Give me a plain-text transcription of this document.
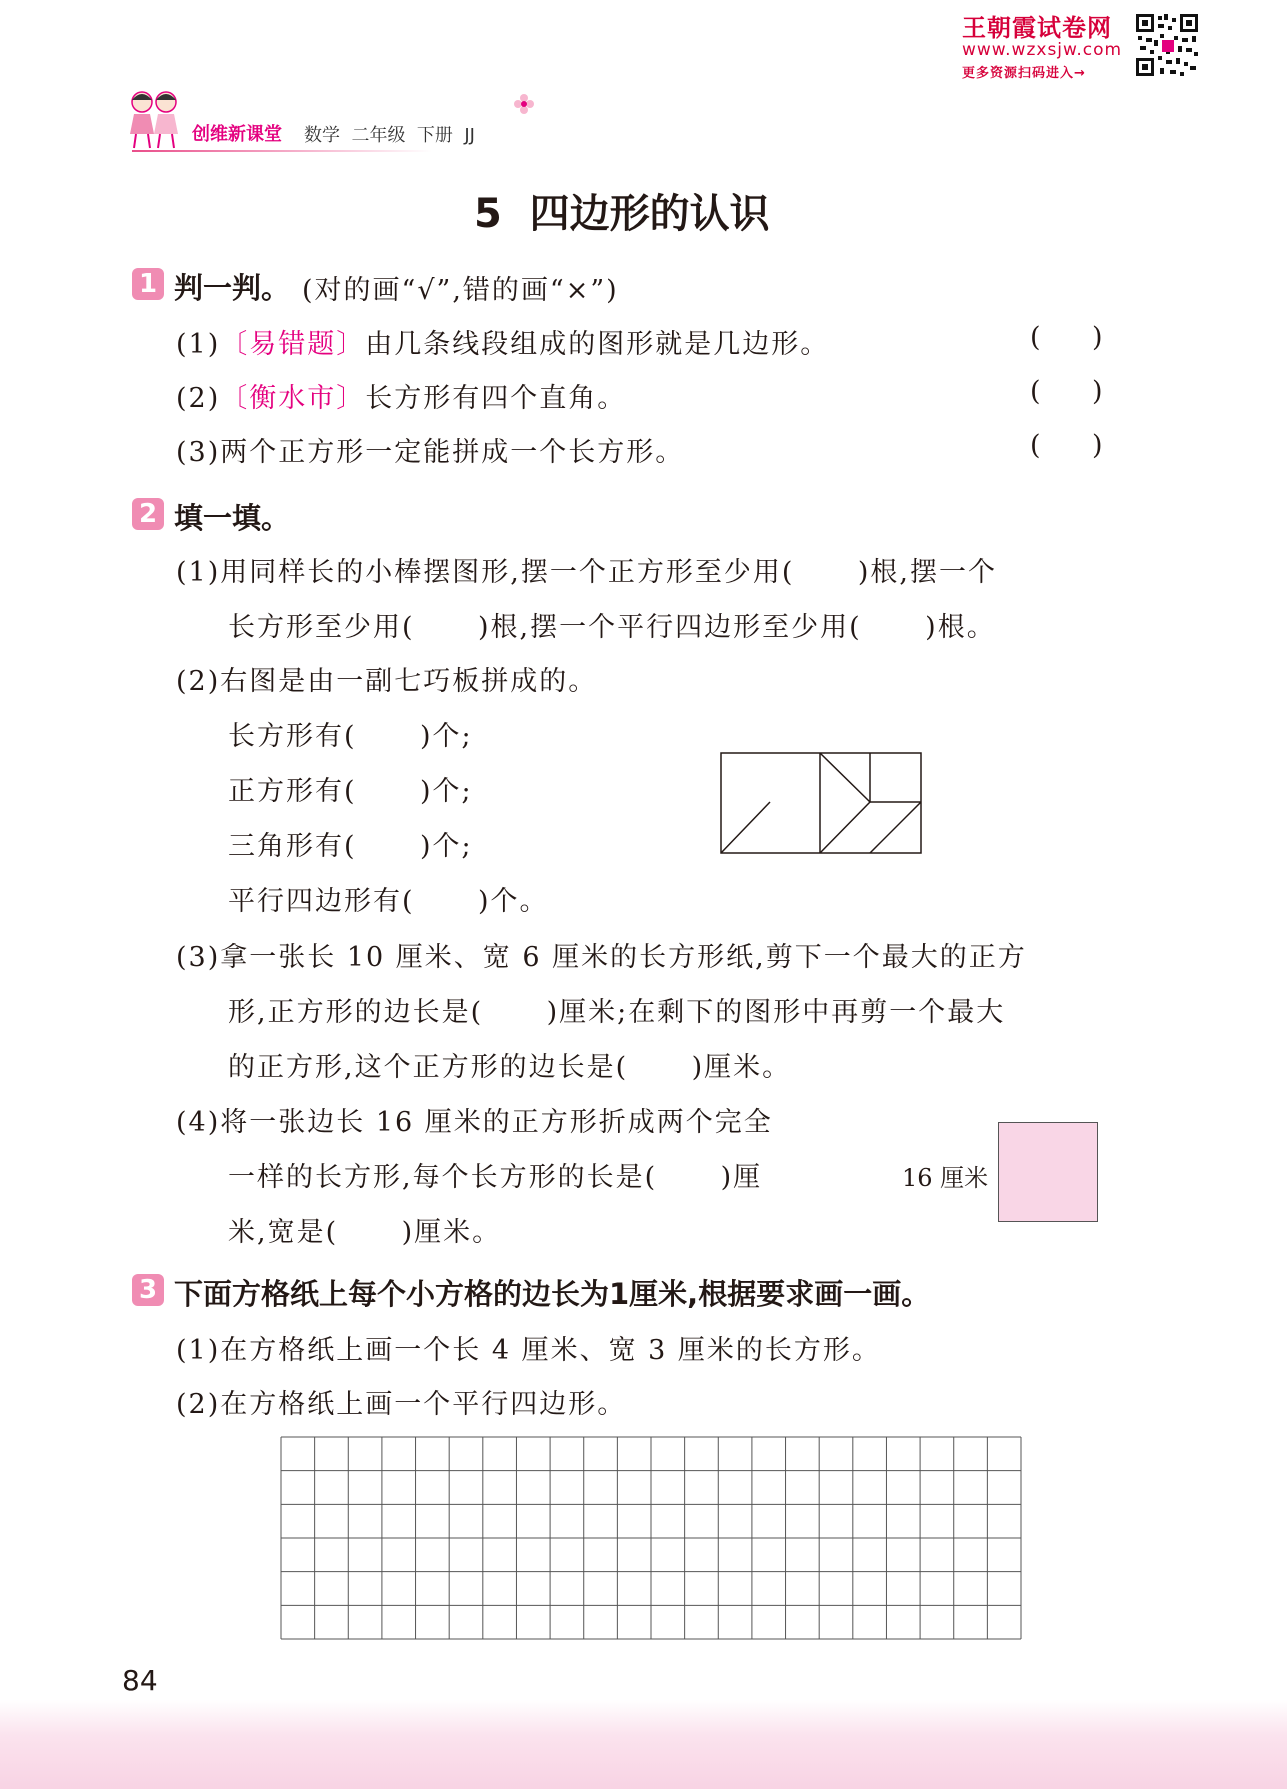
王朝霞试卷网
www.wzxsjw.com
更多资源扫码进入→
创维新课堂 数学  二年级  下册  JJ
5  四边形的认识
1 判一判。 (对的画“√”,错的画“×”)
(1)〔易错题〕由几条线段组成的图形就是几边形。	(      )
(2)〔衡水市〕长方形有四个直角。	(      )
(3)两个正方形一定能拼成一个长方形。	(      )
2 填一填。
(1)用同样长的小棒摆图形,摆一个正方形至少用(      )根,摆一个
长方形至少用(      )根,摆一个平行四边形至少用(      )根。
(2)右图是由一副七巧板拼成的。
长方形有(      )个;
正方形有(      )个;
三角形有(      )个;
平行四边形有(      )个。
(3)拿一张长 10 厘米、宽 6 厘米的长方形纸,剪下一个最大的正方
形,正方形的边长是(      )厘米;在剩下的图形中再剪一个最大
的正方形,这个正方形的边长是(      )厘米。
(4)将一张边长 16 厘米的正方形折成两个完全
一样的长方形,每个长方形的长是(      )厘
米,宽是(      )厘米。
16 厘米
3 下面方格纸上每个小方格的边长为1厘米,根据要求画一画。
(1)在方格纸上画一个长 4 厘米、宽 3 厘米的长方形。
(2)在方格纸上画一个平行四边形。
84
